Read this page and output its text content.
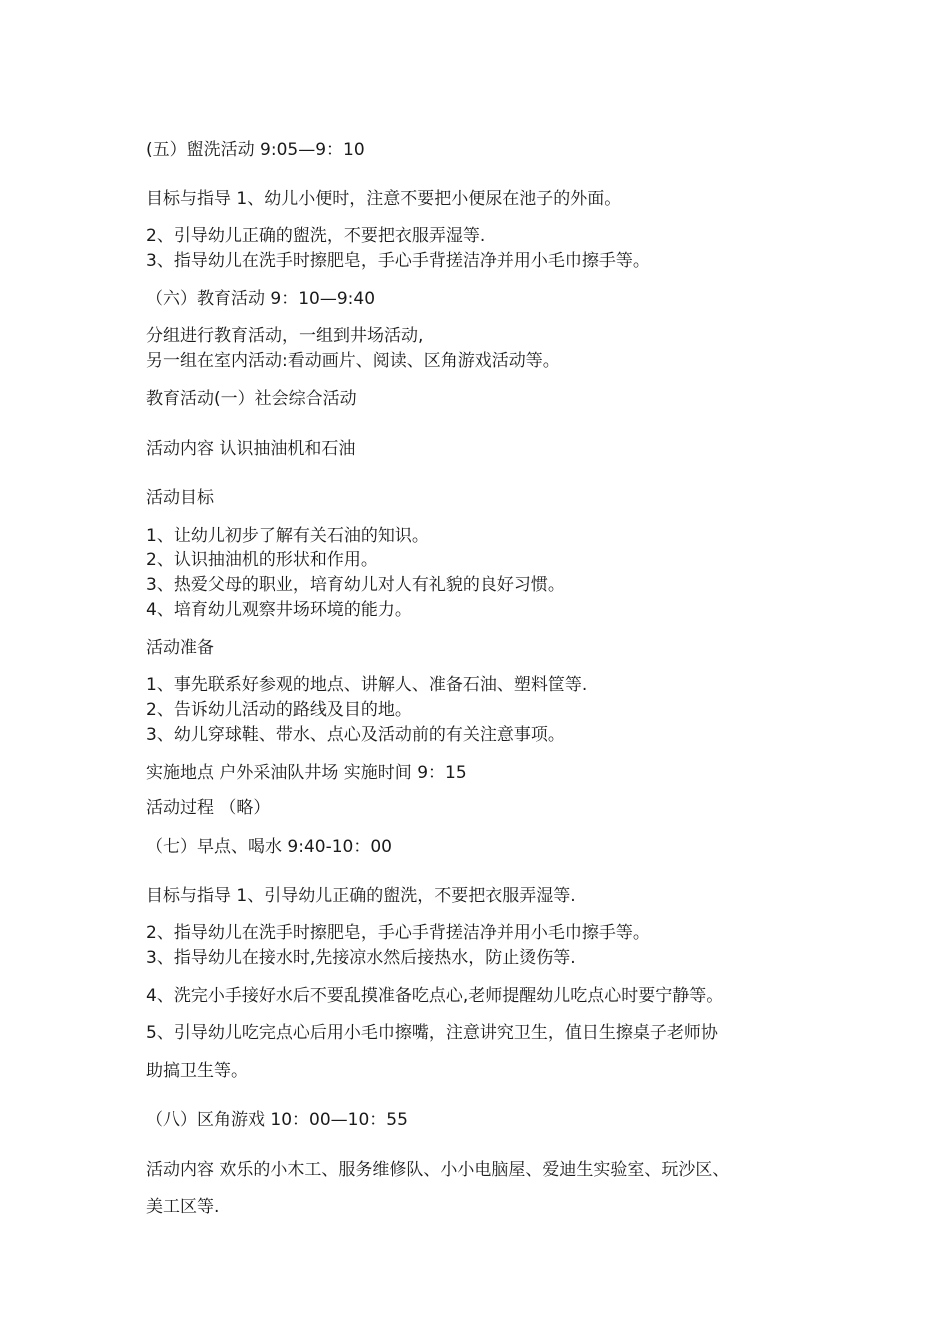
(五）盥洗活动 9:05—9：10
目标与指导 1、幼儿小便时，注意不要把小便尿在池子的外面。
2、引导幼儿正确的盥洗，不要把衣服弄湿等.
3、指导幼儿在洗手时擦肥皂，手心手背搓洁净并用小毛巾擦手等。
（六）教育活动 9：10—9:40
分组进行教育活动，一组到井场活动,
另一组在室内活动:看动画片、阅读、区角游戏活动等。
教育活动(一）社会综合活动
活动内容 认识抽油机和石油
活动目标
1、让幼儿初步了解有关石油的知识。
2、认识抽油机的形状和作用。
3、热爱父母的职业，培育幼儿对人有礼貌的良好习惯。
4、培育幼儿观察井场环境的能力。
活动准备
1、事先联系好参观的地点、讲解人、准备石油、塑料筐等.
2、告诉幼儿活动的路线及目的地。
3、幼儿穿球鞋、带水、点心及活动前的有关注意事项。
实施地点 户外采油队井场 实施时间 9：15
活动过程 （略）
（七）早点、喝水 9:40-10：00
目标与指导 1、引导幼儿正确的盥洗，不要把衣服弄湿等.
2、指导幼儿在洗手时擦肥皂，手心手背搓洁净并用小毛巾擦手等。
3、指导幼儿在接水时,先接凉水然后接热水，防止烫伤等.
4、洗完小手接好水后不要乱摸准备吃点心,老师提醒幼儿吃点心时要宁静等。
5、引导幼儿吃完点心后用小毛巾擦嘴，注意讲究卫生，值日生擦桌子老师协
助搞卫生等。
（八）区角游戏 10：00—10：55
活动内容 欢乐的小木工、服务维修队、小小电脑屋、爱迪生实验室、玩沙区、
美工区等.
